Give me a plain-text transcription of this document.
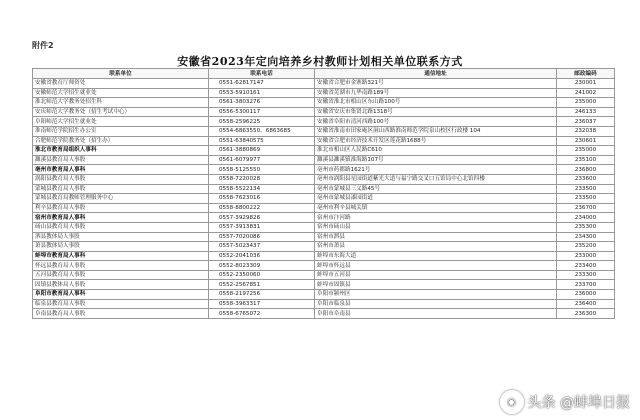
附件2
安徽省2023年定向培养乡村教师计划相关单位联系方式
联系单位	联系电话	通信地址	邮政编码
安徽省教育厅师资处	0551-62817147	安徽省合肥市金寨路321号	230001
安徽师范大学招生就业处	0553-5910161	安徽省芜湖市九华南路189号	241002
淮北师范大学教务处招生科	0561-3803276	安徽省淮北市相山区东山路100号	235000
安庆师范大学教务处（招生考试中心）	0556-5300117	安徽省安庆市集贤北路1318号	246133
阜阳师范大学招生就业处	0558-2596225	安徽省阜阳市清河西路100号	236037
淮南师范学院招生办公室	0554-6863550、6863685	安徽省淮南市田家庵区洞山西路淮南师范学院泉山校区行政楼 104	232038
合肥师范学院教务处（招生办）	0551-63840575	安徽省合肥市经济技术开发区莲花路1688号	230601
淮北市教育局组织人事科	0561-3880869	淮北市相山区人民路C610	235000
濉溪县教育局人事股	0561-6079977	濉溪县濉溪镇淮海路107号	235100
亳州市教育局人事科	0558-5125550	亳州市药都路1621号	236800
涡阳县教育局人事股	0558-7220028	亳州市涡阳县星园街道紫光大道与福宁路交叉口五馆局中心北馆四楼	233600
蒙城县教育局人事股	0558-5522134	亳州市蒙城县三义路45号	233500
蒙城县教育局教师管理服务中心	0558-7623016	亳州市蒙城县漆园街道	233500
利辛县教育局人事股	0558-8800222	亳州市利辛县城关镇	236700
宿州市教育局人事科	0557-3929826	宿州市汴河路	234000
砀山县教育局人事股	0557-3913831	宿州市砀山县	235300
泗县教体局人事股	0557-7020086	宿州市泗县	234300
萧县教体局人事股	0557-5023437	宿州市萧县	235200
蚌埠市教育局人事科	0552-2041036	蚌埠市东海大道	233000
怀远县教育局人事股	0552-8023309	蚌埠市怀远县	233400
五河县教育局人事股	0552-2350060	蚌埠市五河县	233300
固镇县教体局人事股	0552-2567851	蚌埠市固镇县	233700
阜阳市教育局人事科	0558-2197256	阜阳市颍州区	236000
临泉县教育局人事股	0558-3963317	阜阳市临泉县	236400
阜南县教育局人事股	0558-6765072	阜阳市阜南县	236300
◉ 头条 @蚌埠日报
